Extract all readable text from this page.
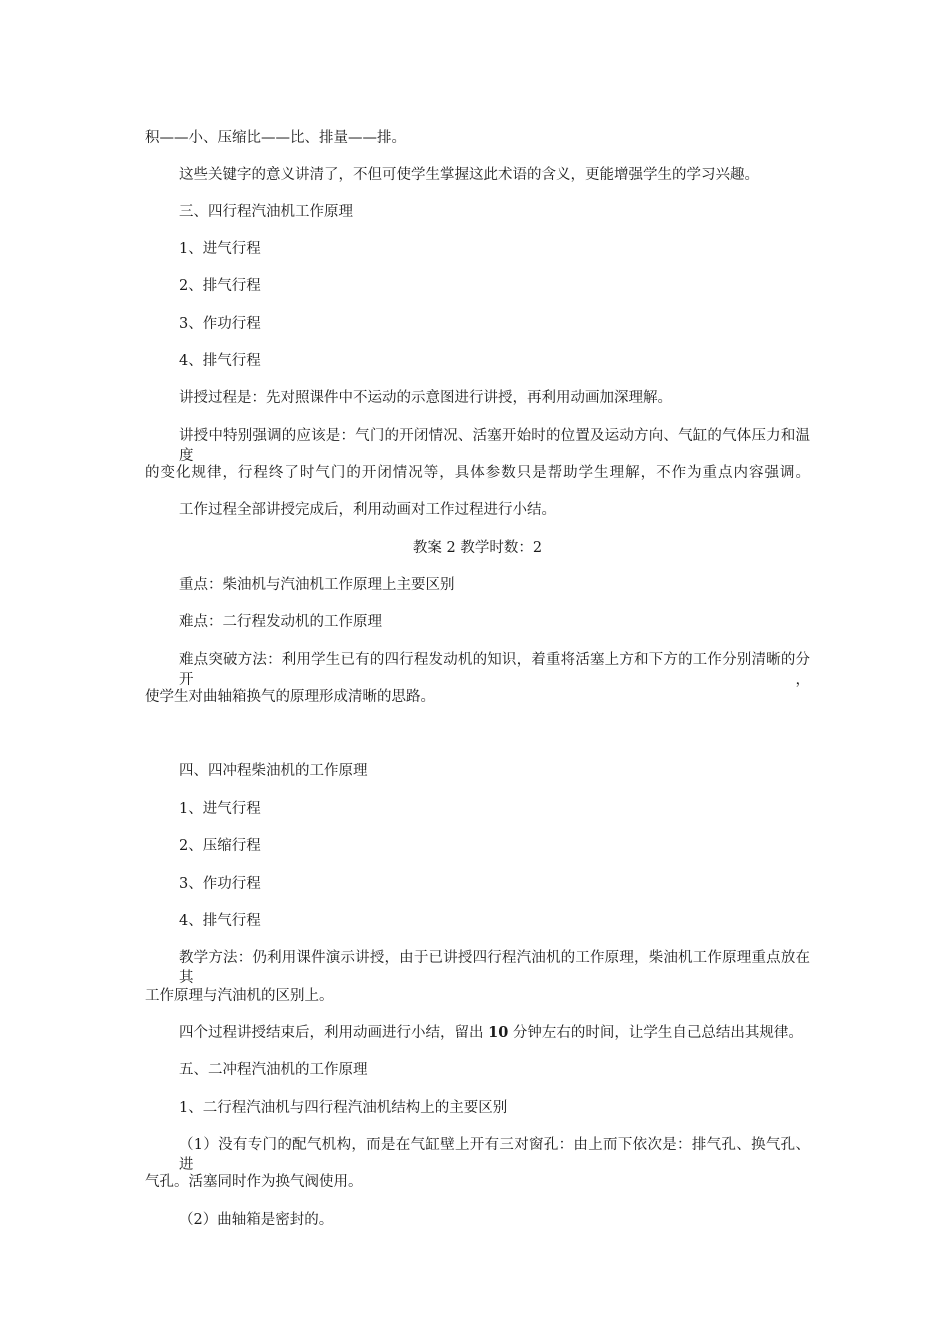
积——小、压缩比——比、排量——排。
这些关键字的意义讲清了，不但可使学生掌握这此术语的含义，更能增强学生的学习兴趣。
三、四行程汽油机工作原理
1、进气行程
2、排气行程
3、作功行程
4、排气行程
讲授过程是：先对照课件中不运动的示意图进行讲授，再利用动画加深理解。
讲授中特别强调的应该是：气门的开闭情况、活塞开始时的位置及运动方向、气缸的气体压力和温度
的变化规律，行程终了时气门的开闭情况等，具体参数只是帮助学生理解，不作为重点内容强调。
工作过程全部讲授完成后，利用动画对工作过程进行小结。
教案 2 教学时数：2
重点：柴油机与汽油机工作原理上主要区别
难点：二行程发动机的工作原理
难点突破方法：利用学生已有的四行程发动机的知识，着重将活塞上方和下方的工作分别清晰的分开，
使学生对曲轴箱换气的原理形成清晰的思路。
四、四冲程柴油机的工作原理
1、进气行程
2、压缩行程
3、作功行程
4、排气行程
教学方法：仍利用课件演示讲授，由于已讲授四行程汽油机的工作原理，柴油机工作原理重点放在其
工作原理与汽油机的区别上。
四个过程讲授结束后，利用动画进行小结，留出 10 分钟左右的时间，让学生自己总结出其规律。
五、二冲程汽油机的工作原理
1、二行程汽油机与四行程汽油机结构上的主要区别
（1）没有专门的配气机构，而是在气缸壁上开有三对窗孔：由上而下依次是：排气孔、换气孔、进
气孔。活塞同时作为换气阀使用。
（2）曲轴箱是密封的。
